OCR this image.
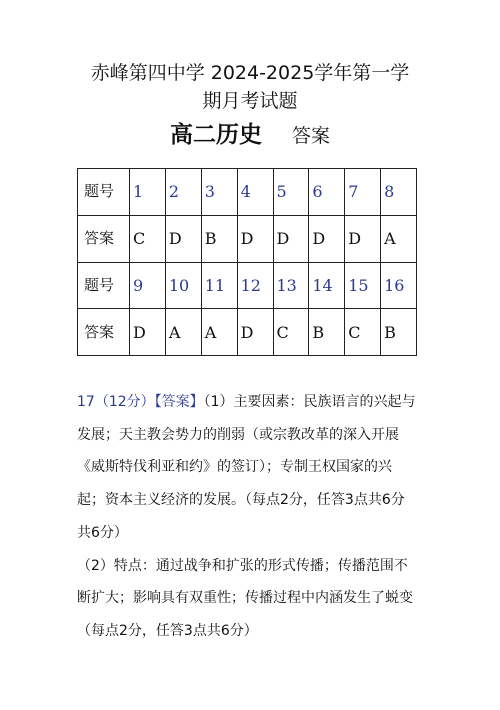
赤峰第四中学 2024-2025学年第一学
期月考试题
高二历史 答案
题号	1	2	3	4	5	6	7	8
答案	C	D	B	D	D	D	D	A
题号	9	10	11	12	13	14	15	16
答案	D	A	A	D	C	B	C	B

17（12分）【答案】（1）主要因素：民族语言的兴起与发展；天主教会势力的削弱（或宗教改革的深入开展《威斯特伐利亚和约》的签订）；专制王权国家的兴起；资本主义经济的发展。（每点2分，任答3点共6分共6分）

（2）特点：通过战争和扩张的形式传播；传播范围不断扩大；影响具有双重性；传播过程中内涵发生了蜕变（每点2分，任答3点共6分）
